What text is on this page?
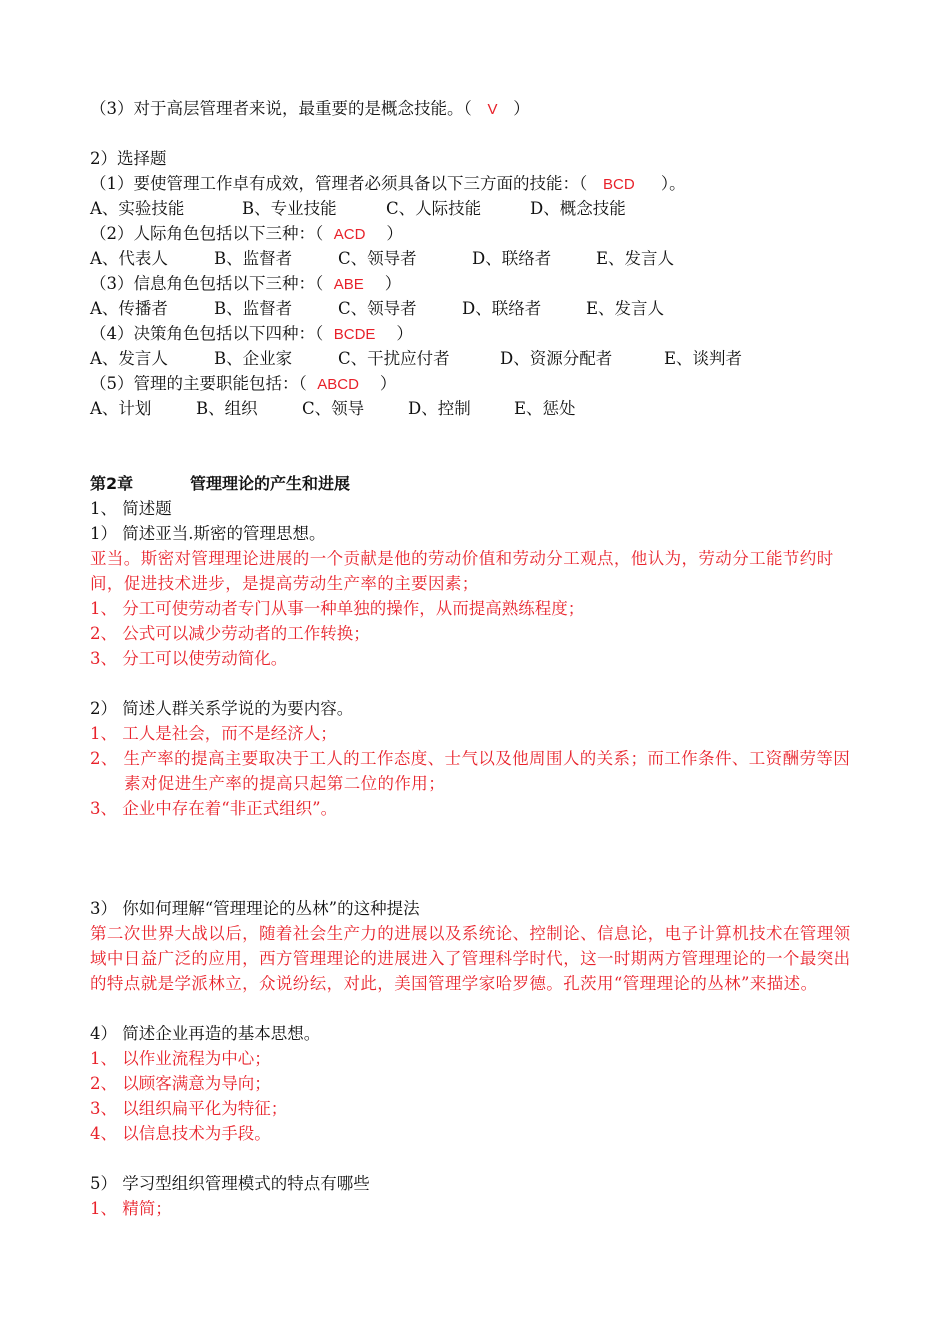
（3）对于高层管理者来说，最重要的是概念技能。（ V ）
2）选择题
（1）要使管理工作卓有成效，管理者必须具备以下三方面的技能：（ BCD ）。
A、实验技能	B、专业技能	C、人际技能	D、概念技能
（2）人际角色包括以下三种：（ ACD ）
A、代表人	B、监督者	C、领导者	D、联络者	E、发言人
（3）信息角色包括以下三种：（ ABE ）
A、传播者	B、监督者	C、领导者	D、联络者	E、发言人
（4）决策角色包括以下四种：（ BCDE ）
A、发言人	B、企业家	C、干扰应付者	D、资源分配者	E、谈判者
（5）管理的主要职能包括：（ ABCD ）
A、计划	B、组织	C、领导	D、控制	E、惩处
第2章	管理理论的产生和进展
1、 简述题
1） 简述亚当.斯密的管理思想。
亚当。斯密对管理理论进展的一个贡献是他的劳动价值和劳动分工观点，他认为，劳动分工能节约时间，促进技术进步，是提高劳动生产率的主要因素；
1、 分工可使劳动者专门从事一种单独的操作，从而提高熟练程度；
2、 公式可以减少劳动者的工作转换；
3、 分工可以使劳动简化。
2） 简述人群关系学说的为要内容。
1、 工人是社会，而不是经济人；
2、 生产率的提高主要取决于工人的工作态度、士气以及他周围人的关系；而工作条件、工资酬劳等因素对促进生产率的提高只起第二位的作用；
3、 企业中存在着“非正式组织”。
3） 你如何理解“管理理论的丛林”的这种提法
第二次世界大战以后，随着社会生产力的进展以及系统论、控制论、信息论，电子计算机技术在管理领域中日益广泛的应用，西方管理理论的进展进入了管理科学时代，这一时期两方管理理论的一个最突出的特点就是学派林立，众说纷纭，对此，美国管理学家哈罗德。孔茨用“管理理论的丛林”来描述。
4） 简述企业再造的基本思想。
1、 以作业流程为中心；
2、 以顾客满意为导向；
3、 以组织扁平化为特征；
4、 以信息技术为手段。
5） 学习型组织管理模式的特点有哪些
1、 精简；
